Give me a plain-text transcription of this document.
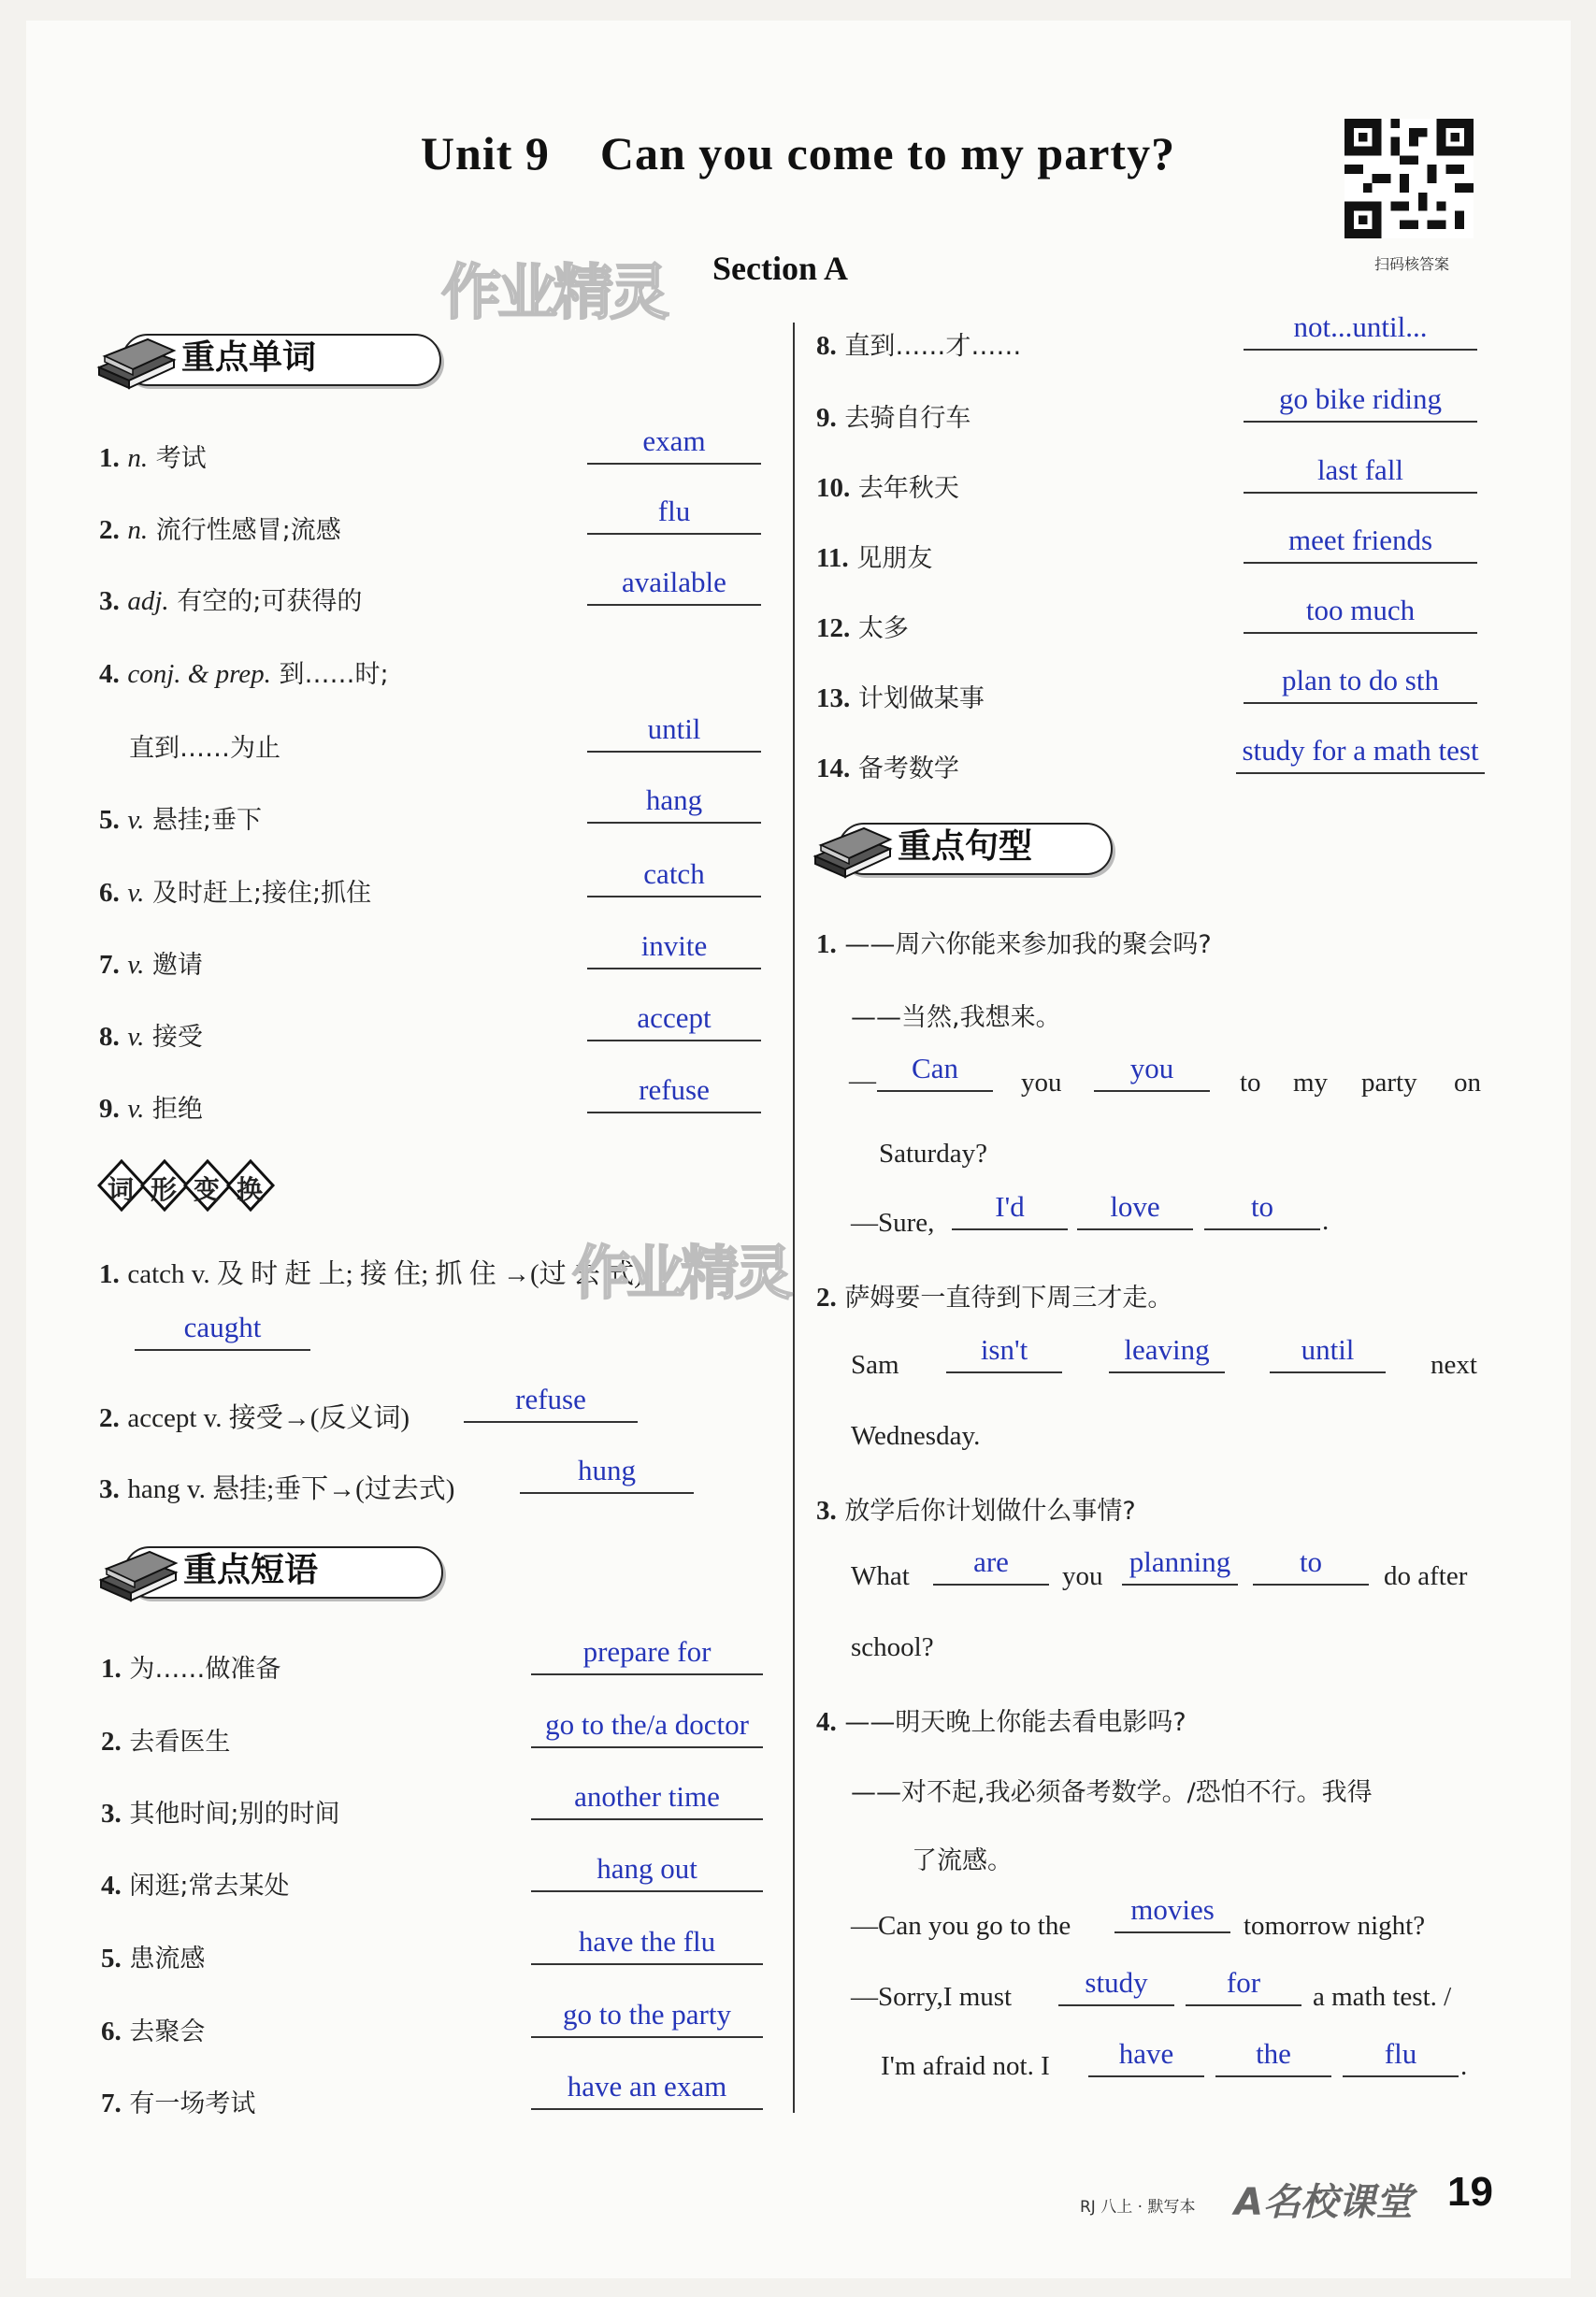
Unit 9    Can you come to my party?
作业精灵 Section A	扫码核答案
重点单词
1. n. 考试
exam
2. n. 流行性感冒;流感
flu
3. adj. 有空的;可获得的
available
4. conj. & prep. 到……时;
直到……为止
until
5. v. 悬挂;垂下
hang
6. v. 及时赶上;接住;抓住
catch
7. v. 邀请
invite
8. v. 接受
accept
9. v. 拒绝
refuse
词 形 变 换
1. catch v. 及 时 赶 上; 接 住; 抓 住 →(过 去 式)
作业精灵
caught
2. accept v. 接受→(反义词)
refuse
3. hang v. 悬挂;垂下→(过去式)
hung
重点短语
1. 为……做准备
prepare for
2. 去看医生
go to the/a doctor
3. 其他时间;别的时间
another time
4. 闲逛;常去某处
hang out
5. 患流感
have the flu
6. 去聚会
go to the party
7. 有一场考试
have an exam
8. 直到……才……
not...until...
9. 去骑自行车
go bike riding
10. 去年秋天
last fall
11. 见朋友
meet friends
12. 太多
too much
13. 计划做某事
plan to do sth
14. 备考数学
study for a math test
重点句型
1. ——周六你能来参加我的聚会吗?
——当然,我想来。
—	Can	you	you	to my party on
Saturday?
—Sure,	I'd	love	to	.
2. 萨姆要一直待到下周三才走。
Sam	isn't	leaving	until	next
Wednesday.
3. 放学后你计划做什么事情?
What	are	you planning	to	do after
school?
4. ——明天晚上你能去看电影吗?
——对不起,我必须备考数学。/恐怕不行。我得
了流感。
—Can you go to the	movies	tomorrow night?
—Sorry,I must	study	for	a math test. /
I'm afraid not. I	have	the	flu	.
RJ 八上 · 默写本 A名校课堂 19
